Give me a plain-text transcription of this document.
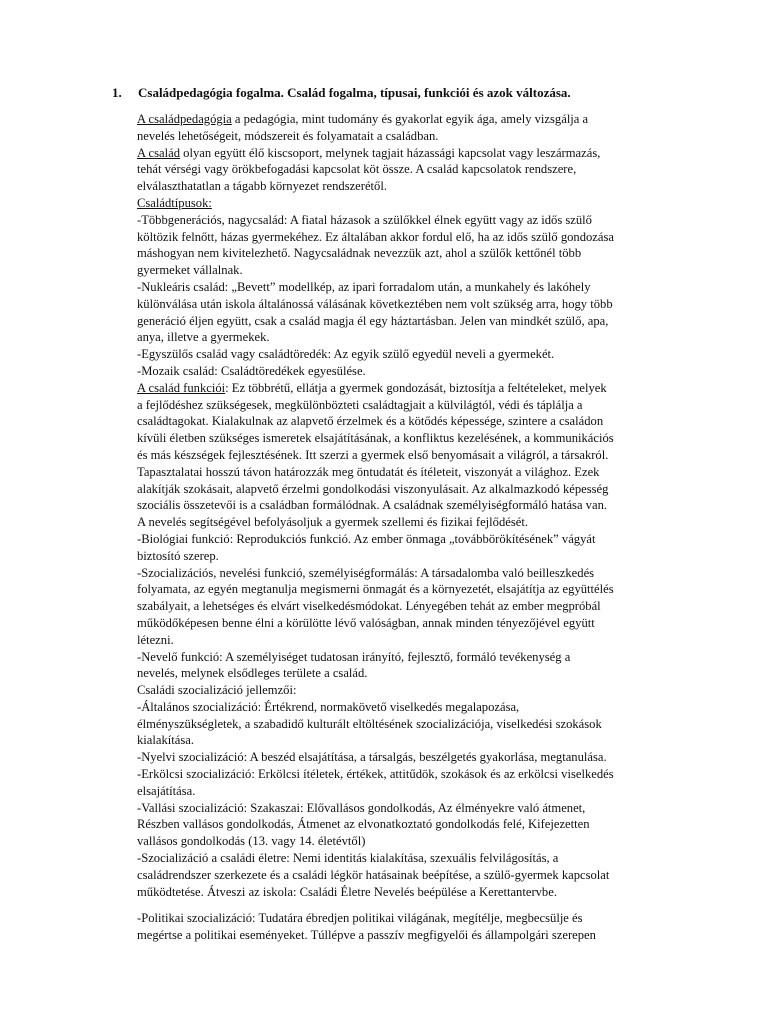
1. Családpedagógia fogalma. Család fogalma, típusai, funkciói és azok változása.
A családpedagógia a pedagógia, mint tudomány és gyakorlat egyik ága, amely vizsgálja a
nevelés lehetőségeit, módszereit és folyamatait a családban.
A család olyan együtt élő kiscsoport, melynek tagjait házassági kapcsolat vagy leszármazás,
tehát vérségi vagy örökbefogadási kapcsolat köt össze. A család kapcsolatok rendszere,
elválaszthatatlan a tágabb környezet rendszerétől.
Családtípusok:
-Többgenerációs, nagycsalád: A fiatal házasok a szülőkkel élnek együtt vagy az idős szülő
költözik felnőtt, házas gyermekéhez. Ez általában akkor fordul elő, ha az idős szülő gondozása
máshogyan nem kivitelezhető. Nagycsaládnak nevezzük azt, ahol a szülők kettőnél több
gyermeket vállalnak.
-Nukleáris család: „Bevett” modellkép, az ipari forradalom után, a munkahely és lakóhely
különválása után iskola általánossá válásának következtében nem volt szükség arra, hogy több
generáció éljen együtt, csak a család magja él egy háztartásban. Jelen van mindkét szülő, apa,
anya, illetve a gyermekek.
-Egyszülős család vagy családtöredék: Az egyik szülő egyedül neveli a gyermekét.
-Mozaik család: Családtöredékek egyesülése.
A család funkciói: Ez többrétű, ellátja a gyermek gondozását, biztosítja a feltételeket, melyek
a fejlődéshez szükségesek, megkülönbözteti családtagjait a külvilágtól, védi és táplálja a
családtagokat. Kialakulnak az alapvető érzelmek és a kötődés képessége, szintere a családon
kívüli életben szükséges ismeretek elsajátításának, a konfliktus kezelésének, a kommunikációs
és más készségek fejlesztésének. Itt szerzi a gyermek első benyomásait a világról, a társakról.
Tapasztalatai hosszú távon határozzák meg öntudatát és ítéleteit, viszonyát a világhoz. Ezek
alakítják szokásait, alapvető érzelmi gondolkodási viszonyulásait. Az alkalmazkodó képesség
szociális összetevői is a családban formálódnak. A családnak személyiségformáló hatása van.
A nevelés segítségével befolyásoljuk a gyermek szellemi és fizikai fejlődését.
-Biológiai funkció: Reprodukciós funkció. Az ember önmaga „továbbörökítésének” vágyát
biztosító szerep.
-Szocializációs, nevelési funkció, személyiségformálás: A társadalomba való beilleszkedés
folyamata, az egyén megtanulja megismerni önmagát és a környezetét, elsajátítja az együttélés
szabályait, a lehetséges és elvárt viselkedésmódokat. Lényegében tehát az ember megpróbál
működőképesen benne élni a körülötte lévő valóságban, annak minden tényezőjével együtt
létezni.
-Nevelő funkció: A személyiséget tudatosan irányító, fejlesztő, formáló tevékenység a
nevelés, melynek elsődleges területe a család.
Családi szocializáció jellemzői:
-Általános szocializáció: Értékrend, normakövető viselkedés megalapozása,
élményszükségletek, a szabadidő kulturált eltöltésének szocializációja, viselkedési szokások
kialakítása.
-Nyelvi szocializáció: A beszéd elsajátítása, a társalgás, beszélgetés gyakorlása, megtanulása.
-Erkölcsi szocializáció: Erkölcsi ítéletek, értékek, attitűdök, szokások és az erkölcsi viselkedés
elsajátítása.
-Vallási szocializáció: Szakaszai: Elővallásos gondolkodás, Az élményekre való átmenet,
Részben vallásos gondolkodás, Átmenet az elvonatkoztató gondolkodás felé, Kifejezetten
vallásos gondolkodás (13. vagy 14. életévtől)
-Szocializáció a családi életre: Nemi identitás kialakítása, szexuális felvilágosítás, a
családrendszer szerkezete és a családi légkör hatásainak beépítése, a szülő-gyermek kapcsolat
működtetése. Átveszi az iskola: Családi Életre Nevelés beépülése a Kerettantervbe.
-Politikai szocializáció: Tudatára ébredjen politikai világának, megítélje, megbecsülje és
megértse a politikai eseményeket. Túllépve a passzív megfigyelői és állampolgári szerepen
